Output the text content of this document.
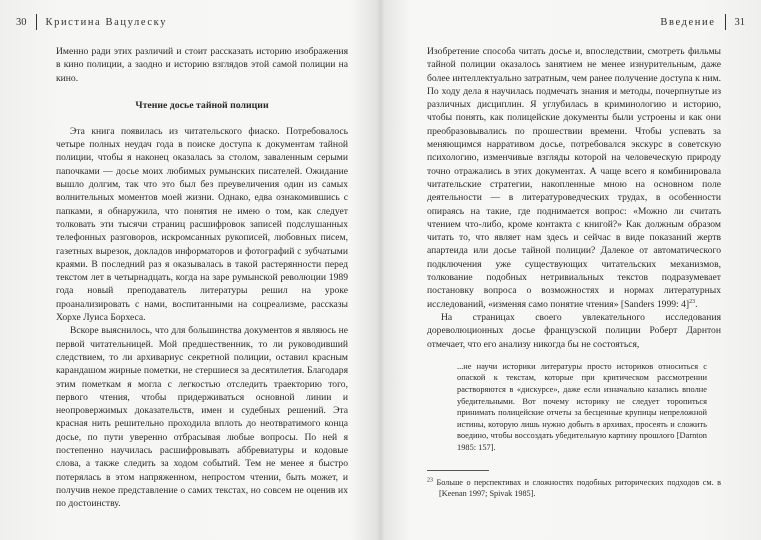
30 Кристина Вацулеску

Именно ради этих различий и стоит рассказать историю изображения в кино полиции, а заодно и историю взглядов этой самой полиции на кино.

Чтение досье тайной полиции

Эта книга появилась из читательского фиаско. Потребовалось четыре полных неудач года в поиске доступа к документам тайной полиции, чтобы я наконец оказалась за столом, заваленным серыми папочками — досье моих любимых румынских писателей. Ожидание вышло долгим, так что это был без преувеличения один из самых волнительных моментов моей жизни. Однако, едва ознакомившись с папками, я обнаружила, что понятия не имею о том, как следует толковать эти тысячи страниц расшифровок записей подслушанных телефонных разговоров, искромсанных рукописей, любовных писем, газетных вырезок, докладов информаторов и фотографий с зубчатыми краями. В последний раз я оказывалась в такой растерянности перед текстом лет в четырнадцать, когда на заре румынской революции 1989 года новый преподаватель литературы решил на уроке проанализировать с нами, воспитанными на соцреализме, рассказы Хорхе Луиса Борхеса.

Вскоре выяснилось, что для большинства документов я являюсь не первой читательницей. Мой предшественник, то ли руководивший следствием, то ли архивариус секретной полиции, оставил красным карандашом жирные пометки, не стершиеся за десятилетия. Благодаря этим пометкам я могла с легкостью отследить траекторию того, первого чтения, чтобы придерживаться основной линии и неопровержимых доказательств, имен и судебных решений. Эта красная нить решительно проходила вплоть до неотвратимого конца досье, по пути уверенно отбрасывая любые вопросы. По ней я постепенно научилась расшифровывать аббревиатуры и кодовые слова, а также следить за ходом событий. Тем не менее я быстро потерялась в этом напряженном, непростом чтении, быть может, и получив некое представление о самих текстах, но совсем не оценив их по достоинству.

Введение 31

Изобретение способа читать досье и, впоследствии, смотреть фильмы тайной полиции оказалось занятием не менее изнурительным, даже более интеллектуально затратным, чем ранее получение доступа к ним. По ходу дела я научилась подмечать знания и методы, почерпнутые из различных дисциплин. Я углубилась в криминологию и историю, чтобы понять, как полицейские документы были устроены и как они преобразовывались по прошествии времени. Чтобы успевать за меняющимся нарративом досье, потребовался экскурс в советскую психологию, изменчивые взгляды которой на человеческую природу точно отражались в этих документах. А чаще всего я комбинировала читательские стратегии, накопленные мною на основном поле деятельности — в литературоведческих трудах, в особенности опираясь на такие, где поднимается вопрос: «Можно ли считать чтением что-либо, кроме контакта с книгой?» Как должным образом читать то, что являет нам здесь и сейчас в виде показаний жертв апартеида или досье тайной полиции? Далекое от автоматического подключения уже существующих читательских механизмов, толкование подобных нетривиальных текстов подразумевает постановку вопроса о возможностях и нормах литературных исследований, «изменяя само понятие чтения» [Sanders 1999: 4]$^{23}$.

На страницах своего увлекательного исследования дореволюционных досье французской полиции Роберт Дарнтон отмечает, что его анализу никогда бы не состояться,

...не научи историки литературы просто историков относиться с опаской к текстам, которые при критическом рассмотрении растворяются в «дискурсе», даже если изначально казались вполне убедительными. Вот почему историку не следует торопиться принимать полицейские отчеты за бесценные крупицы непреложной истины, которую лишь нужно добыть в архивах, просеять и сложить воедино, чтобы воссоздать убедительную картину прошлого [Darnton 1985: 157].
$^{23}$ Больше о перспективах и сложностях подобных риторических подходов см. в [Keenan 1997; Spivak 1985].
